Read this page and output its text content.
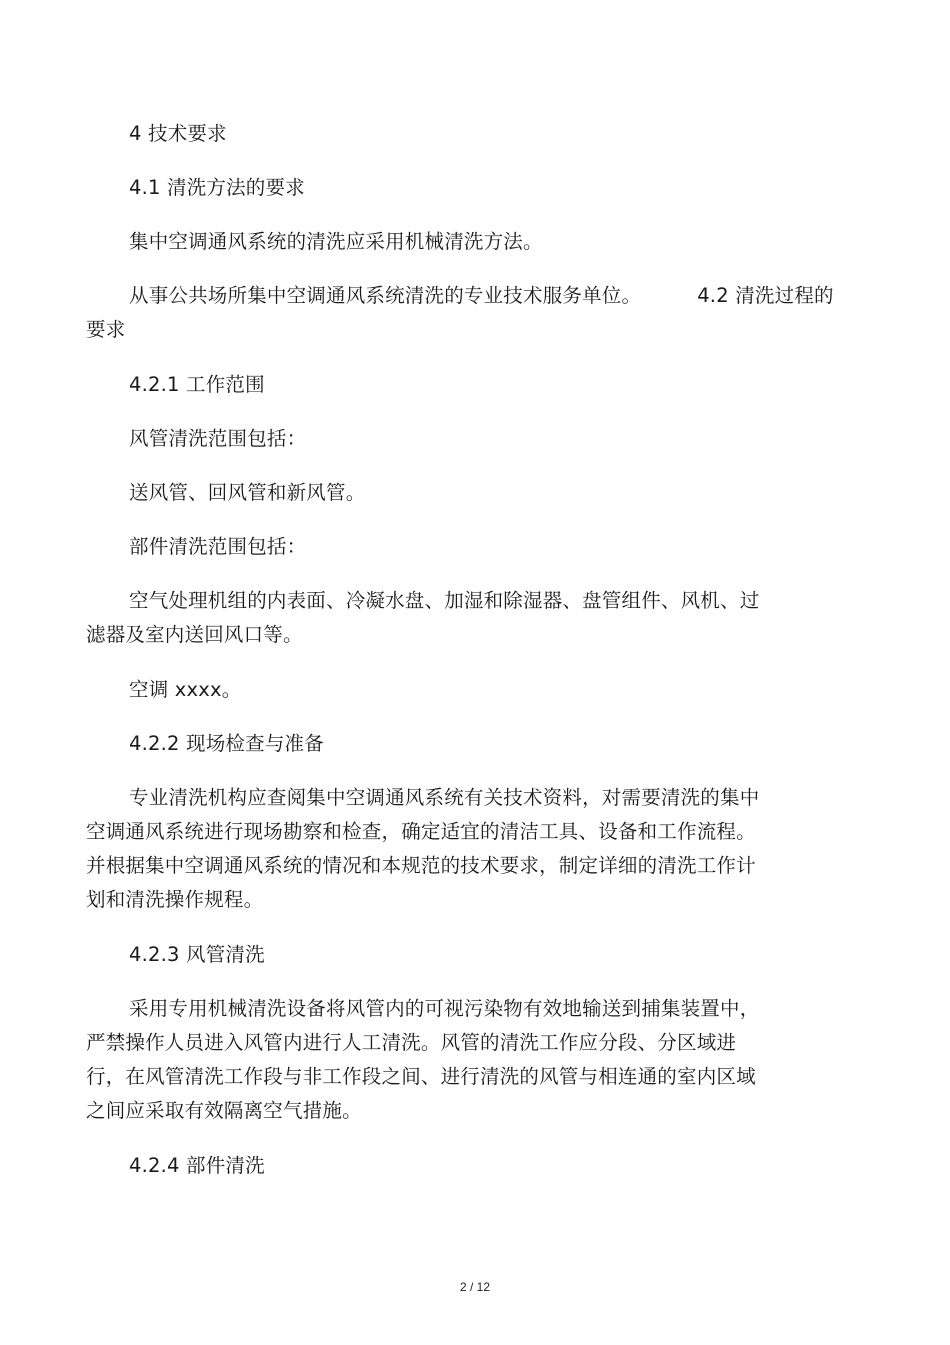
4 技术要求
4.1 清洗方法的要求
集中空调通风系统的清洗应采用机械清洗方法。
从事公共场所集中空调通风系统清洗的专业技术服务单位。	4.2 清洗过程的
要求
4.2.1 工作范围
风管清洗范围包括：
送风管、回风管和新风管。
部件清洗范围包括：
空气处理机组的内表面、冷凝水盘、加湿和除湿器、盘管组件、风机、过
滤器及室内送回风口等。
空调 xxxx。
4.2.2 现场检查与准备
专业清洗机构应查阅集中空调通风系统有关技术资料，对需要清洗的集中
空调通风系统进行现场勘察和检查，确定适宜的清洁工具、设备和工作流程。
并根据集中空调通风系统的情况和本规范的技术要求，制定详细的清洗工作计
划和清洗操作规程。
4.2.3 风管清洗
采用专用机械清洗设备将风管内的可视污染物有效地输送到捕集装置中，
严禁操作人员进入风管内进行人工清洗。风管的清洗工作应分段、分区域进
行，在风管清洗工作段与非工作段之间、进行清洗的风管与相连通的室内区域
之间应采取有效隔离空气措施。
4.2.4 部件清洗
2 / 12
